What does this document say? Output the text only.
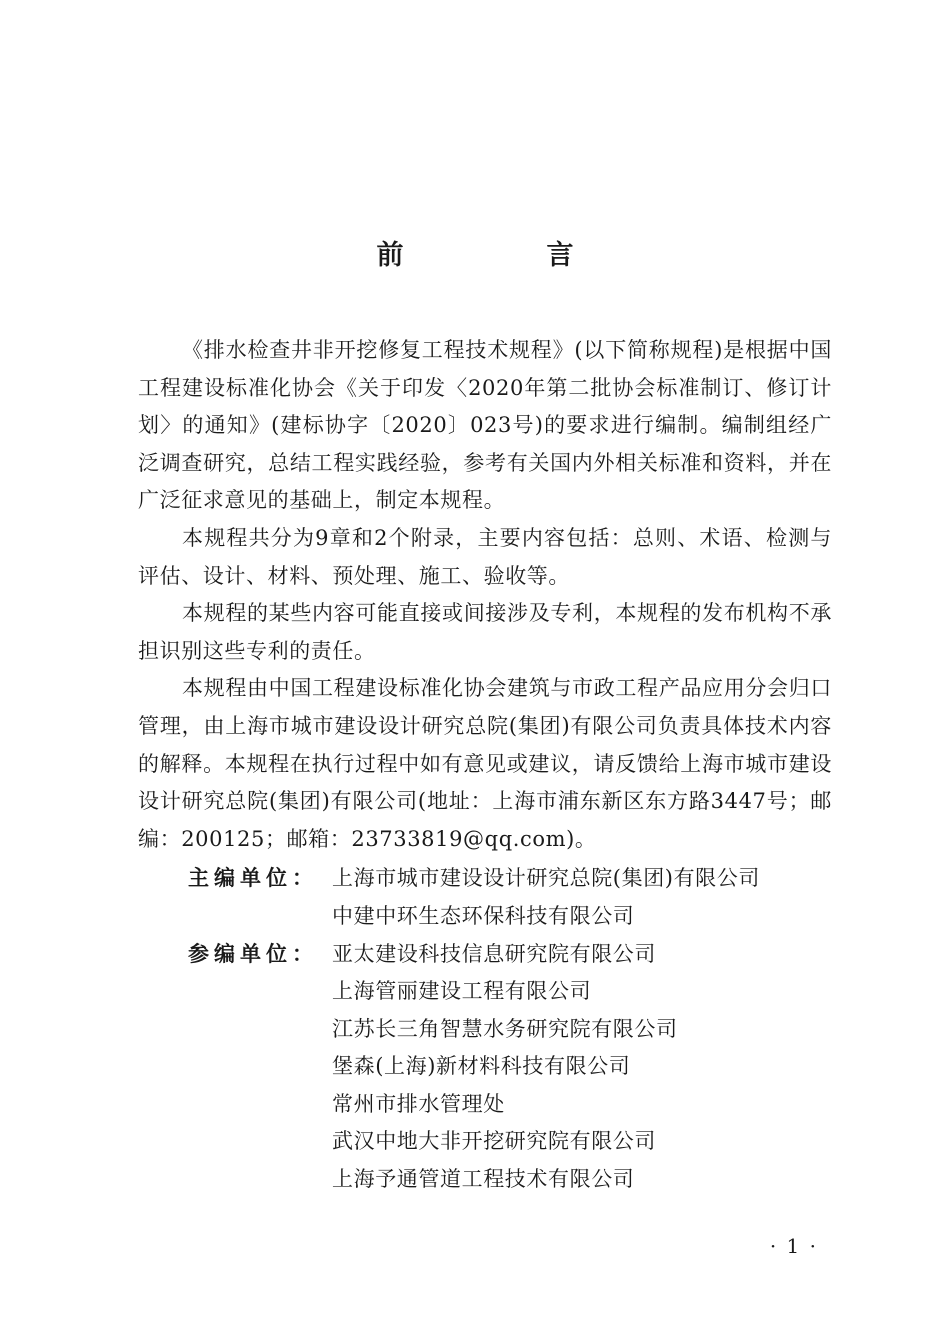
前　言

《排水检查井非开挖修复工程技术规程》(以下简称规程)是根据中国工程建设标准化协会《关于印发〈2020年第二批协会标准制订、修订计划〉的通知》(建标协字〔2020〕023号)的要求进行编制。编制组经广泛调查研究，总结工程实践经验，参考有关国内外相关标准和资料，并在广泛征求意见的基础上，制定本规程。

本规程共分为9章和2个附录，主要内容包括：总则、术语、检测与评估、设计、材料、预处理、施工、验收等。

本规程的某些内容可能直接或间接涉及专利，本规程的发布机构不承担识别这些专利的责任。

本规程由中国工程建设标准化协会建筑与市政工程产品应用分会归口管理，由上海市城市建设设计研究总院(集团)有限公司负责具体技术内容的解释。本规程在执行过程中如有意见或建议，请反馈给上海市城市建设设计研究总院(集团)有限公司(地址：上海市浦东新区东方路3447号；邮编：200125；邮箱：23733819@qq.com)。

主编单位： 上海市城市建设设计研究总院(集团)有限公司
中建中环生态环保科技有限公司
参编单位： 亚太建设科技信息研究院有限公司
上海管丽建设工程有限公司
江苏长三角智慧水务研究院有限公司
堡森(上海)新材料科技有限公司
常州市排水管理处
武汉中地大非开挖研究院有限公司
上海予通管道工程技术有限公司
· 1 ·
